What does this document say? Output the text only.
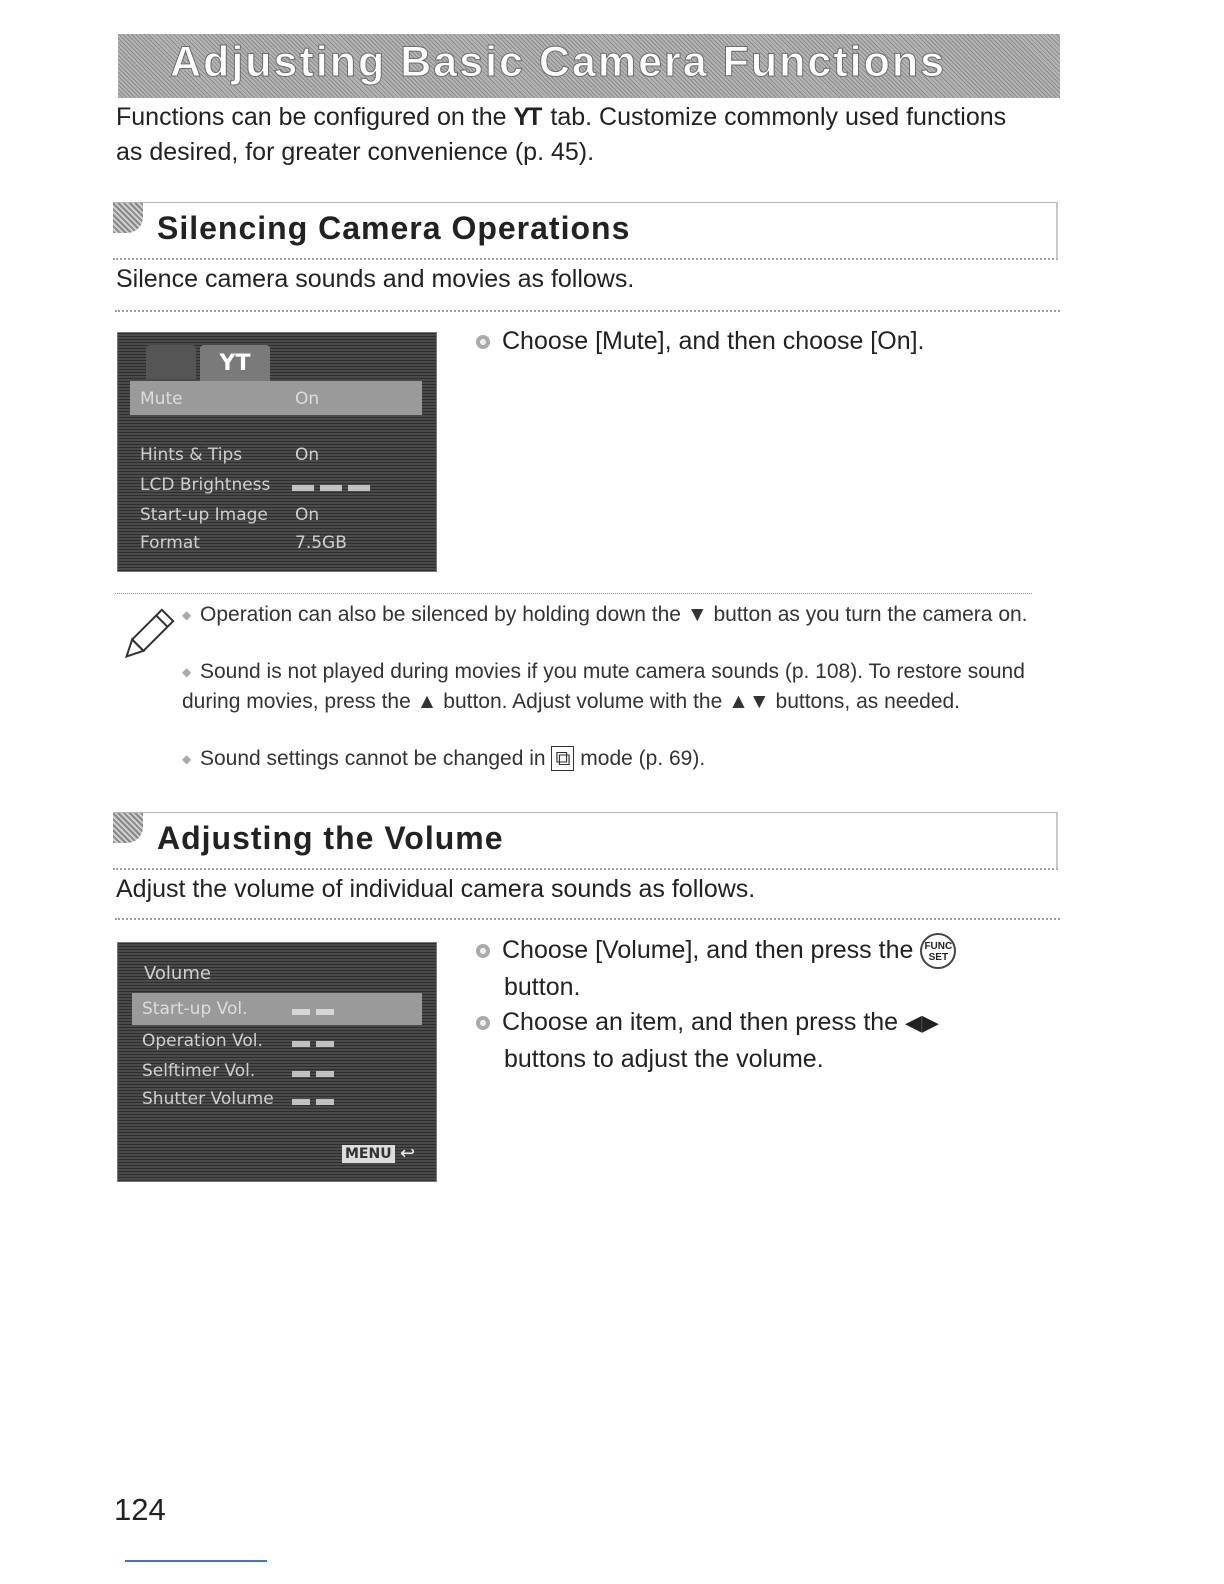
Adjusting Basic Camera Functions
Functions can be configured on the YT tab. Customize commonly used functions as desired, for greater convenience (p. 45).
Silencing Camera Operations
Silence camera sounds and movies as follows.
YT
Mute	On
Hints & Tips	On
LCD Brightness
Start-up Image On
Format	7.5GB
Choose [Mute], and then choose [On].
◆ Operation can also be silenced by holding down the ▼ button as you turn the camera on.
◆ Sound is not played during movies if you mute camera sounds (p. 108). To restore sound during movies, press the ▲ button. Adjust volume with the ▲▼ buttons, as needed.
◆ Sound settings cannot be changed in ⧉ mode (p. 69).
Adjusting the Volume
Adjust the volume of individual camera sounds as follows.
Volume
Start-up Vol.
Operation Vol.
Selftimer Vol.
Shutter Volume
MENU ↩
Choose [Volume], and then press the FUNC SET
button.
Choose an item, and then press the ◀▶
buttons to adjust the volume.
124
